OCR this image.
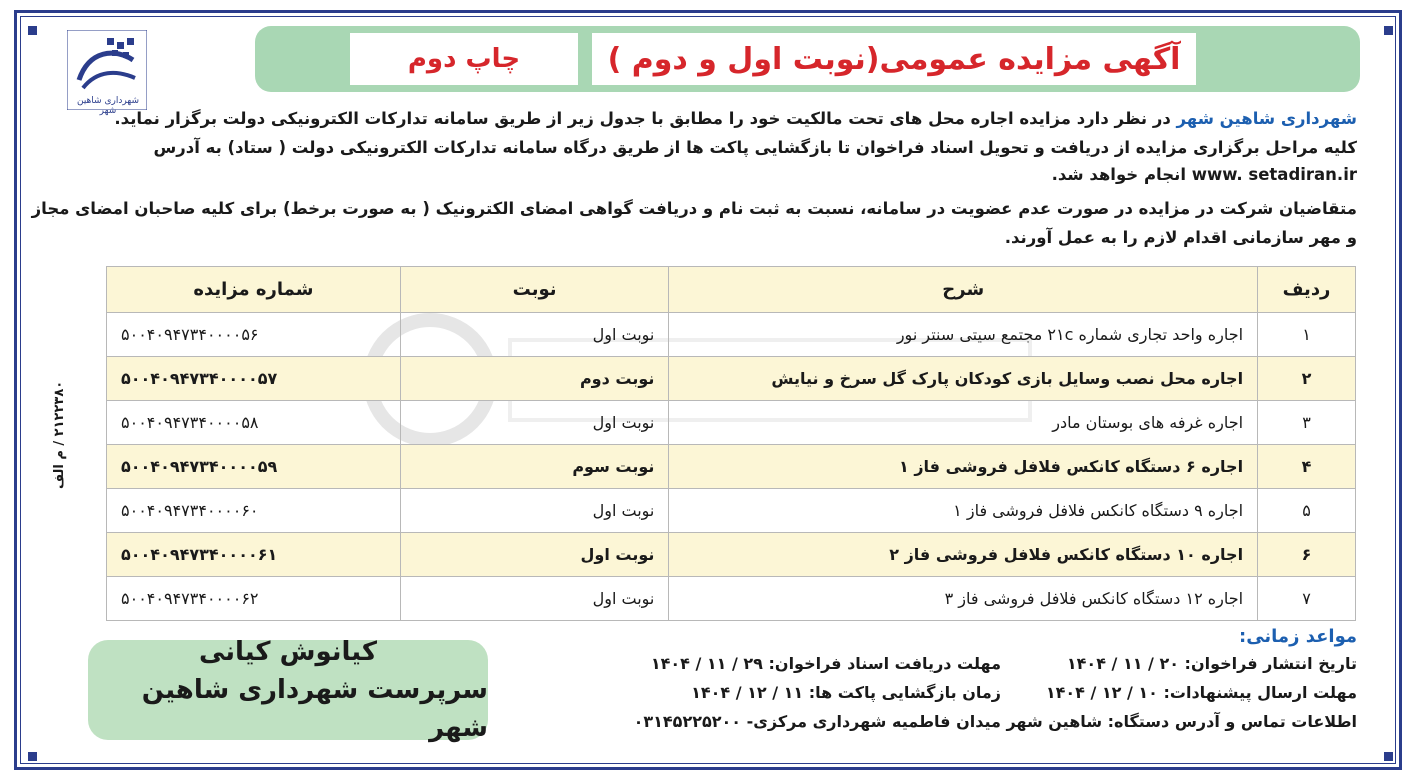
آگهی مزایده عمومی(نوبت اول و دوم )
چاپ دوم
شهرداری شاهین شهر	شهرداری شاهین شهر در نظر دارد مزایده اجاره محل های تحت مالکیت خود را مطابق با جدول زیر از طریق سامانه تدارکات الکترونیکی دولت برگزار نماید.
کلیه مراحل برگزاری مزایده از دریافت و تحویل اسناد فراخوان تا بازگشایی پاکت ها از طریق درگاه سامانه تدارکات الکترونیکی دولت ( ستاد) به آدرس
www. setadiran.ir انجام خواهد شد.
متقاضیان شرکت در مزایده در صورت عدم عضویت در سامانه، نسبت به ثبت نام و دریافت گواهی امضای الکترونیک ( به صورت برخط) برای کلیه صاحبان امضای مجاز
و مهر سازمانی اقدام لازم را به عمل آورند.
ردیف	شرح	نوبت	شماره مزایده
۱	اجاره واحد تجاری شماره ۲۱c مجتمع سیتی سنتر نور	نوبت اول	۵۰۰۴۰۹۴۷۳۴۰۰۰۰۵۶
۲	اجاره محل نصب وسایل بازی کودکان پارک گل سرخ و نیایش	نوبت دوم	۵۰۰۴۰۹۴۷۳۴۰۰۰۰۵۷
۳	اجاره غرفه های بوستان مادر	نوبت اول	۵۰۰۴۰۹۴۷۳۴۰۰۰۰۵۸
۴	اجاره ۶ دستگاه کانکس فلافل فروشی فاز ۱	نوبت سوم	۵۰۰۴۰۹۴۷۳۴۰۰۰۰۵۹
۵	اجاره ۹ دستگاه کانکس فلافل فروشی فاز ۱	نوبت اول	۵۰۰۴۰۹۴۷۳۴۰۰۰۰۶۰
۶	اجاره ۱۰ دستگاه کانکس فلافل فروشی فاز ۲	نوبت اول	۵۰۰۴۰۹۴۷۳۴۰۰۰۰۶۱
۷	اجاره ۱۲ دستگاه کانکس فلافل فروشی فاز ۳	نوبت اول	۵۰۰۴۰۹۴۷۳۴۰۰۰۰۶۲
۲۱۲۲۳۸۰ / م الف
مواعد زمانی:
تاریخ انتشار فراخوان: ۲۰ / ۱۱ / ۱۴۰۴
مهلت دریافت اسناد فراخوان: ۲۹ / ۱۱ / ۱۴۰۴
مهلت ارسال پیشنهادات: ۱۰ / ۱۲ / ۱۴۰۴
زمان بازگشایی پاکت ها: ۱۱ / ۱۲ / ۱۴۰۴
اطلاعات تماس و آدرس دستگاه: شاهین شهر میدان فاطمیه شهرداری مرکزی- ۰۳۱۴۵۲۲۵۲۰۰
کیانوش کیانی
سرپرست شهرداری شاهین شهر
